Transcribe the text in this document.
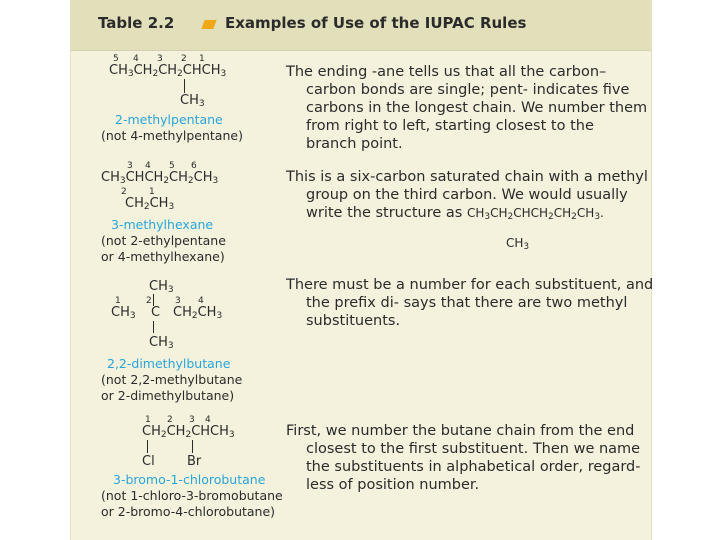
Table 2.2	Examples of Use of the IUPAC Rules
5 4 3 2 1
$CH_3CH_2CH_2CHCH_3$
$CH_3$
2-methylpentane
(not 4-methylpentane)
The ending -ane tells us that all the carbon–
carbon bonds are single; pent- indicates five
carbons in the longest chain. We number them
from right to left, starting closest to the
branch point.
3 4 5 6
$CH_3CHCH_2CH_2CH_3$
2 1
$CH_2CH_3$
3-methylhexane
(not 2-ethylpentane
or 4-methylhexane)
This is a six-carbon saturated chain with a methyl
group on the third carbon. We would usually
write the structure as $CH_3CH_2CHCH_2CH_2CH_3$.
$CH_3$
$CH_3$
1	2	3 4
$CH_3$ C $CH_2CH_3$
$CH_3$
2,2-dimethylbutane
(not 2,2-methylbutane
or 2-dimethylbutane)
There must be a number for each substituent, and
the prefix di- says that there are two methyl
substituents.
1 2 3 4
$CH_2CH_2CHCH_3$
Cl Br
3-bromo-1-chlorobutane
(not 1-chloro-3-bromobutane
or 2-bromo-4-chlorobutane)
First, we number the butane chain from the end
closest to the first substituent. Then we name
the substituents in alphabetical order, regard-
less of position number.
